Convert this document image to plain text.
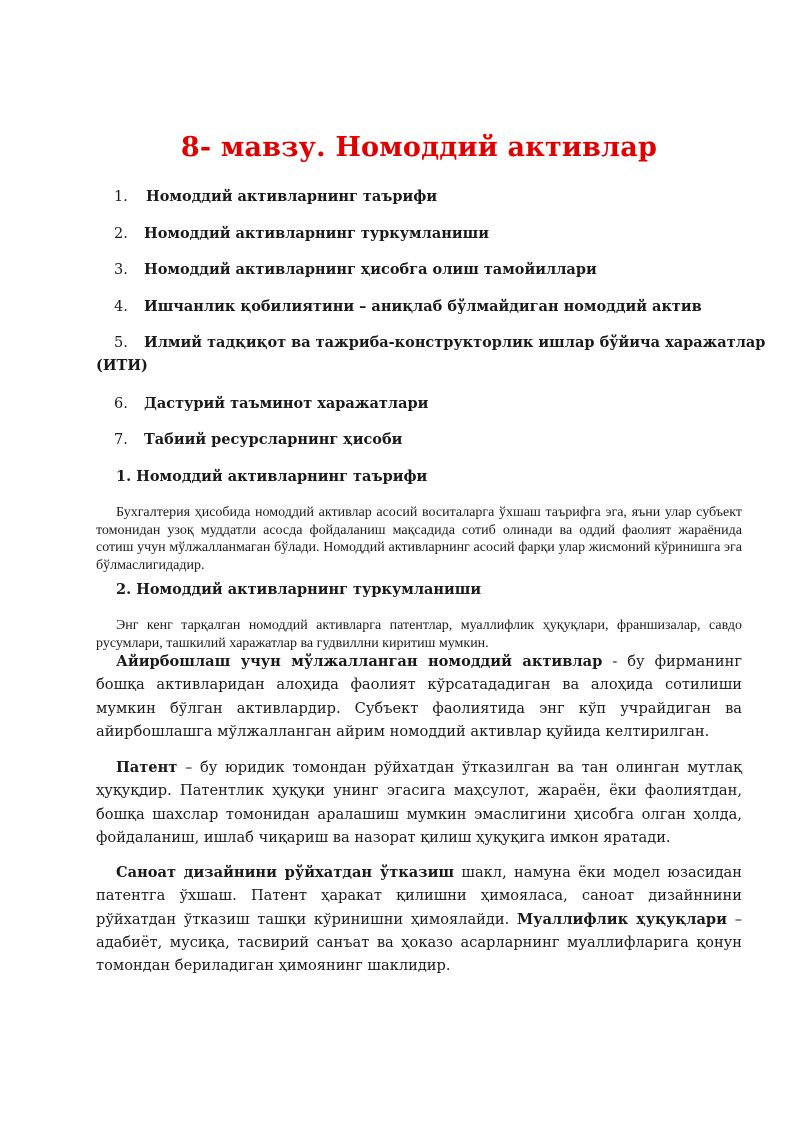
8- мавзу. Номоддий активлар
1. Номоддий активларнинг таърифи
2. Номоддий активларнинг туркумланиши
3. Номоддий активларнинг ҳисобга олиш тамойиллари
4. Ишчанлик қобилиятини – аниқлаб бўлмайдиган номоддий актив
5. Илмий тадқиқот ва тажриба-конструкторлик ишлар бўйича харажатлар
(ИТИ)
6. Дастурий таъминот харажатлари
7. Табиий ресурсларнинг ҳисоби
1. Номоддий активларнинг таърифи
Бухгалтерия ҳисобида номоддий активлар асосий воситаларга ўхшаш таърифга эга, яъни улар субъект томонидан узоқ муддатли асосда фойдаланиш мақсадида сотиб олинади ва оддий фаолият жараёнида сотиш учун мўлжалланмаган бўлади. Номоддий активларнинг асосий фарқи улар жисмоний кўринишга эга бўлмаслигидадир.
2. Номоддий активларнинг туркумланиши
Энг кенг тарқалган номоддий активларга патентлар, муаллифлик ҳуқуқлари, франшизалар, савдо русумлари, ташкилий харажатлар ва гудвиллни киритиш мумкин.
Айирбошлаш учун мўлжалланган номоддий активлар - бу фирманинг бошқа активларидан алоҳида фаолият кўрсатададиган ва алоҳида сотилиши мумкин бўлган активлардир. Субъект фаолиятида энг кўп учрайдиган ва айирбошлашга мўлжалланган айрим номоддий активлар қуйида келтирилган.
Патент – бу юридик томондан рўйхатдан ўтказилган ва тан олинган мутлақ ҳуқуқдир. Патентлик ҳуқуқи унинг эгасига маҳсулот, жараён, ёки фаолиятдан, бошқа шахслар томонидан аралашиш мумкин эмаслигини ҳисобга олган ҳолда, фойдаланиш, ишлаб чиқариш ва назорат қилиш ҳуқуқига имкон яратади.
Саноат дизайнини рўйхатдан ўтказиш шакл, намуна ёки модел юзасидан патентга ўхшаш. Патент ҳаракат қилишни ҳимояласа, саноат дизайннини рўйхатдан ўтказиш ташқи кўринишни ҳимоялайди. Муаллифлик ҳуқуқлари – адабиёт, мусиқа, тасвирий санъат ва ҳоказо асарларнинг муаллифларига қонун томондан бериладиган ҳимоянинг шаклидир.
